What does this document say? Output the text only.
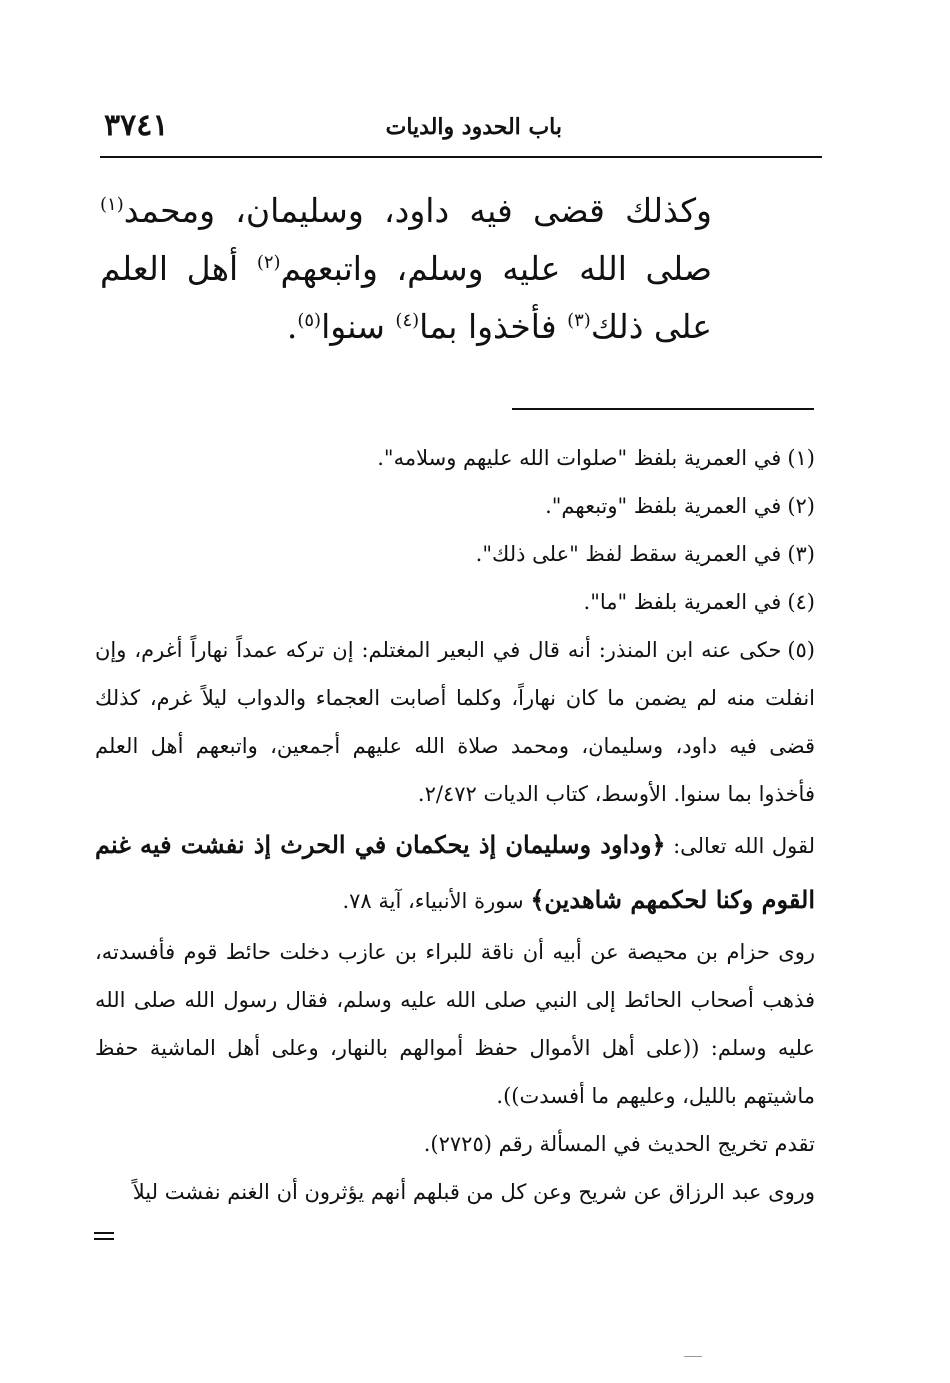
باب الحدود والديات
٣٧٤١

وكذلك قضى فيه داود، وسليمان، ومحمد$^{(١)}$ صلى الله عليه وسلم، واتبعهم$^{(٢)}$ أهل العلم على ذلك$^{(٣)}$ فأخذوا بما$^{(٤)}$ سنوا$^{(٥)}$.

(١)في العمرية بلفظ "صلوات الله عليهم وسلامه".

(٢)في العمرية بلفظ "وتبعهم".

(٣)في العمرية سقط لفظ "على ذلك".

(٤)في العمرية بلفظ "ما".

(٥)حكى عنه ابن المنذر: أنه قال في البعير المغتلم: إن تركه عمداً نهاراً أغرم، وإن انفلت منه لم يضمن ما كان نهاراً، وكلما أصابت العجماء والدواب ليلاً غرم، كذلك قضى فيه داود، وسليمان، ومحمد صلاة الله عليهم أجمعين، واتبعهم أهل العلم فأخذوا بما سنوا. الأوسط، كتاب الديات ٢/٤٧٢.

لقول الله تعالى: ﴿وداود وسليمان إذ يحكمان في الحرث إذ نفشت فيه غنم القوم وكنا لحكمهم شاهدين﴾ سورة الأنبياء، آية ٧٨.

روى حزام بن محيصة عن أبيه أن ناقة للبراء بن عازب دخلت حائط قوم فأفسدته، فذهب أصحاب الحائط إلى النبي صلى الله عليه وسلم، فقال رسول الله صلى الله عليه وسلم: ((على أهل الأموال حفظ أموالهم بالنهار، وعلى أهل الماشية حفظ ماشيتهم بالليل، وعليهم ما أفسدت)).

تقدم تخريج الحديث في المسألة رقم (٢٧٢٥).

وروى عبد الرزاق عن شريح وعن كل من قبلهم أنهم يؤثرون أن الغنم نفشت ليلاً
